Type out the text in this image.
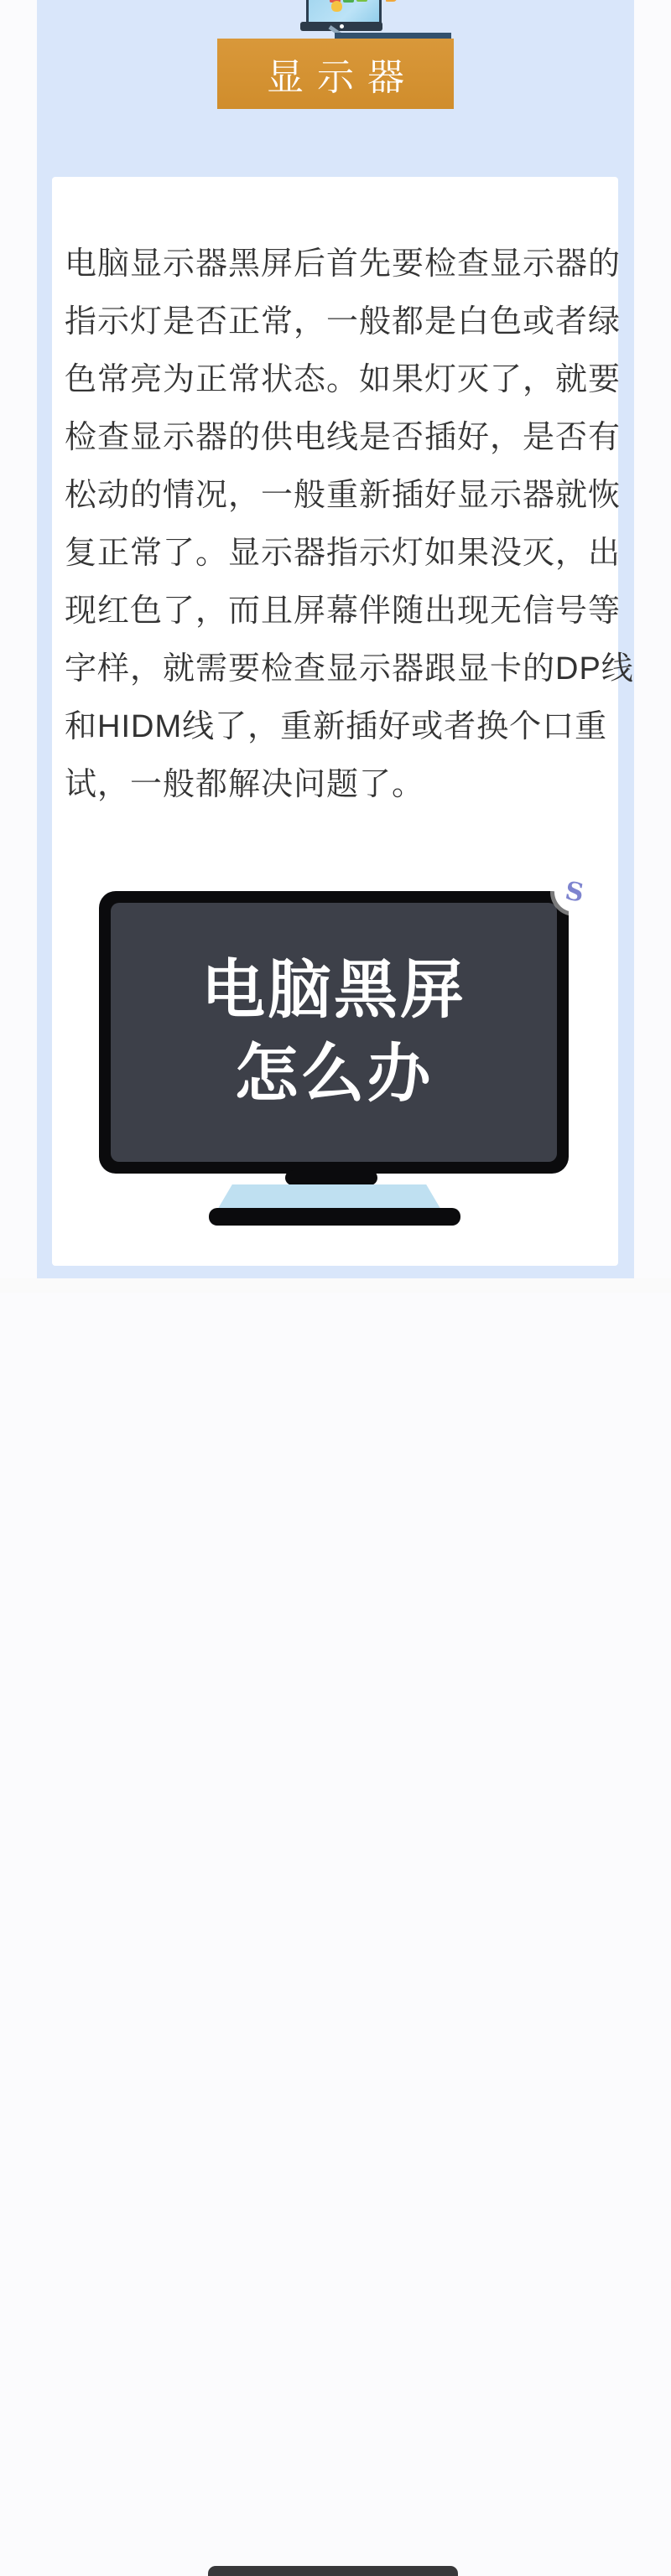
显示器
电脑显示器黑屏后首先要检查显示器的
指示灯是否正常，一般都是白色或者绿
色常亮为正常状态。如果灯灭了，就要
检查显示器的供电线是否插好，是否有
松动的情况，一般重新插好显示器就恢
复正常了。显示器指示灯如果没灭，出
现红色了，而且屏幕伴随出现无信号等
字样，就需要检查显示器跟显卡的DP线
和HIDM线了，重新插好或者换个口重
试，一般都解决问题了。
电脑黑屏
怎么办
S
